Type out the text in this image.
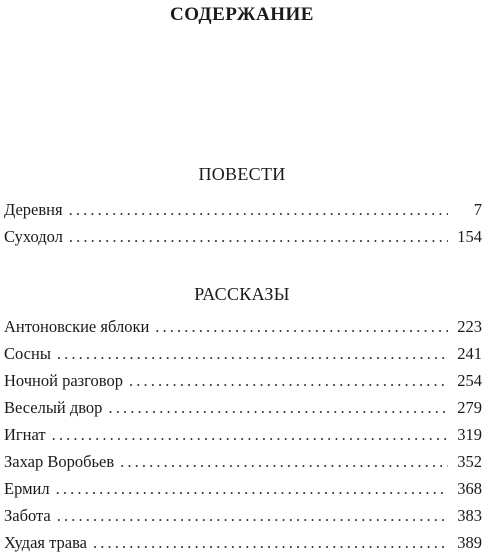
СОДЕРЖАНИЕ
ПОВЕСТИ
Деревня . . .	7
Суходол . . .	154
РАССКАЗЫ
Антоновские яблоки . . .	223
Сосны . . .	241
Ночной разговор . . .	254
Веселый двор . . .	279
Игнат . . .	319
Захар Воробьев . . .	352
Ермил . . .	368
Забота . . .	383
Худая трава . . .	389
